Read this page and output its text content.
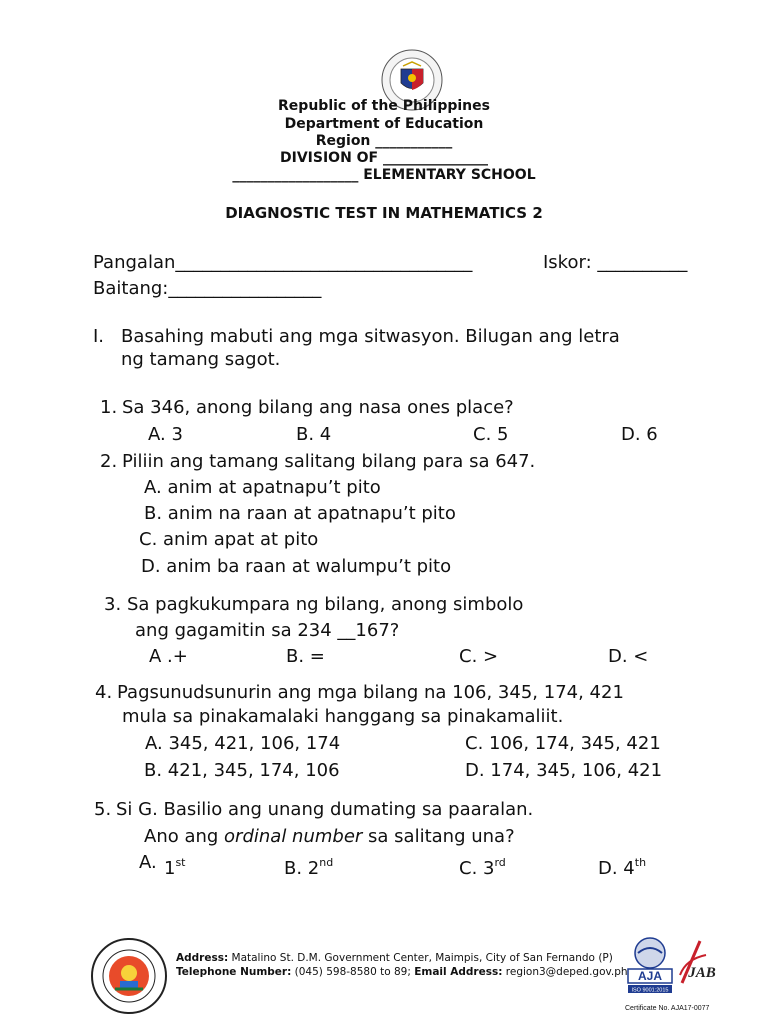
Republic of the Philippines
Department of Education
Region ___________
DIVISION OF _______________
__________________ ELEMENTARY SCHOOL
DIAGNOSTIC TEST IN MATHEMATICS 2
Pangalan_________________________________	Iskor: __________
Baitang:_________________
I. Basahing mabuti ang mga sitwasyon. Bilugan ang letra
ng tamang sagot.
1. Sa 346, anong bilang ang nasa ones place?
A. 3	B. 4	C. 5	D. 6
2. Piliin ang tamang salitang bilang para sa 647.
A. anim at apatnapu’t pito
B. anim na raan at apatnapu’t pito
C. anim apat at pito
D. anim ba raan at walumpu’t pito
3. Sa pagkukumpara ng bilang, anong simbolo
ang gagamitin sa 234 __167?
A .+	B. =	C. >	D. <
4. Pagsunudsunurin ang mga bilang na 106, 345, 174, 421
mula sa pinakamalaki hanggang sa pinakamaliit.
A. 345, 421, 106, 174	C. 106, 174, 345, 421
B. 421, 345, 174, 106	D. 174, 345, 106, 421
5. Si G. Basilio ang unang dumating sa paaralan.
Ano ang ordinal number sa salitang una?
A. 1st	B. 2nd	C. 3rd	D. 4th
Address: Matalino St. D.M. Government Center, Maimpis, City of San Fernando (P)
Telephone Number: (045) 598-8580 to 89; Email Address: region3@deped.gov.ph AJA
ISO 9001:2015
JAB
Certificate No. AJA17-0077
